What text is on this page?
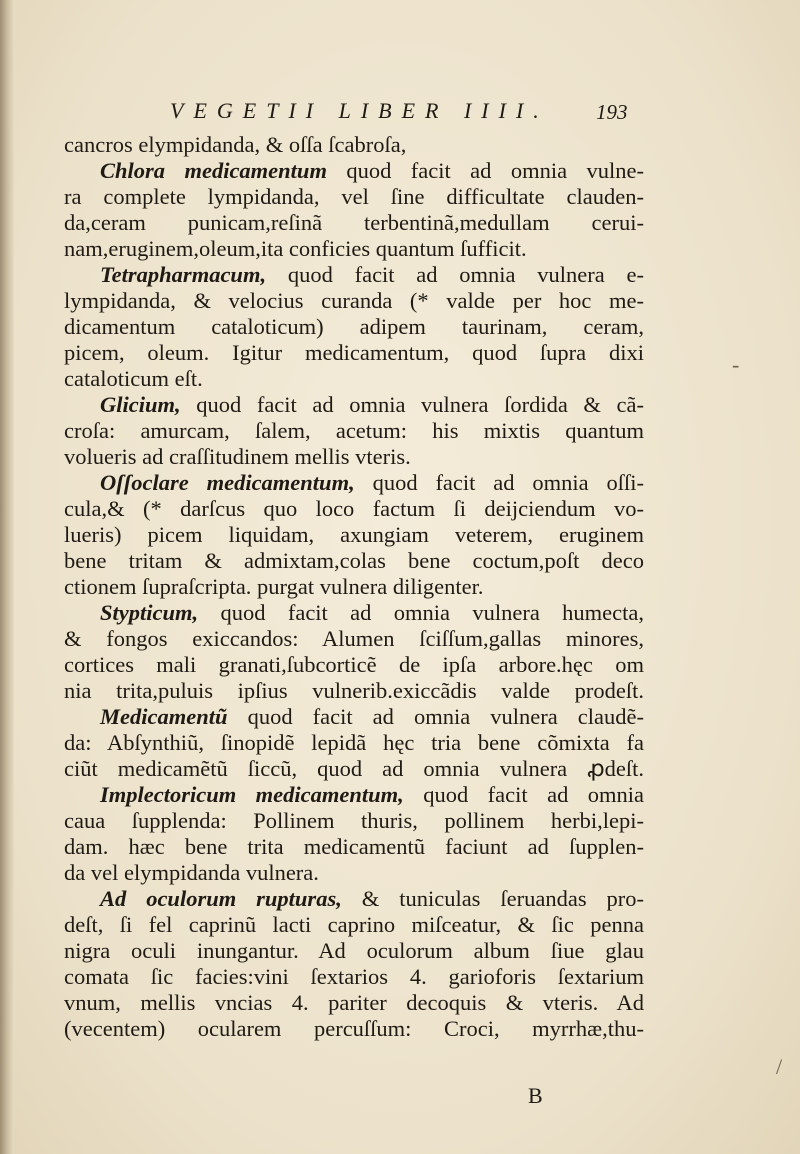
VEGETII LIBER IIII.	193
cancros elympidanda, & oſſa ſcabroſa,
Chlora medicamentum quod facit ad omnia vulne-
ra complete lympidanda, vel ſine difficultate clauden-
da,ceram punicam,reſinã terbentinã,medullam cerui-
nam,eruginem,oleum,ita conficies quantum ſufficit.
Tetrapharmacum, quod facit ad omnia vulnera e-
lympidanda, & velocius curanda (* valde per hoc me-
dicamentum cataloticum) adipem taurinam, ceram,
picem, oleum. Igitur medicamentum, quod ſupra dixi
cataloticum eſt.
Glicium, quod facit ad omnia vulnera ſordida & cã-
croſa: amurcam, ſalem, acetum: his mixtis quantum
volueris ad craſſitudinem mellis vteris.
Oſſoclare medicamentum, quod facit ad omnia oſſi-
cula,& (* darſcus quo loco factum ſi deijciendum vo-
lueris) picem liquidam, axungiam veterem, eruginem
bene tritam & admixtam,colas bene coctum,poſt deco
ctionem ſupraſcripta. purgat vulnera diligenter.
Stypticum, quod facit ad omnia vulnera humecta,
& fongos exiccandos: Alumen ſciſſum,gallas minores,
cortices mali granati,ſubcorticẽ de ipſa arbore.hęc om
nia trita,puluis ipſius vulnerib.exiccãdis valde prodeſt.
Medicamentũ quod facit ad omnia vulnera claudẽ-
da: Abſynthiũ, ſinopidẽ lepidã hęc tria bene cõmixta fa
ciũt medicamẽtũ ſiccũ, quod ad omnia vulnera ꝓdeſt.
Implectoricum medicamentum, quod facit ad omnia
caua ſupplenda: Pollinem thuris, pollinem herbi,lepi-
dam. hæc bene trita medicamentũ faciunt ad ſupplen-
da vel elympidanda vulnera.
Ad oculorum rupturas, & tuniculas ſeruandas pro-
deſt, ſi fel caprinũ lacti caprino miſceatur, & ſic penna
nigra oculi inungantur. Ad oculorum album ſiue glau
comata ſic facies:vini ſextarios 4. garioforis ſextarium
vnum, mellis vncias 4. pariter decoquis & vteris. Ad
(vecentem) ocularem percuſſum: Croci, myrrhæ,thu-
B
‐
/
